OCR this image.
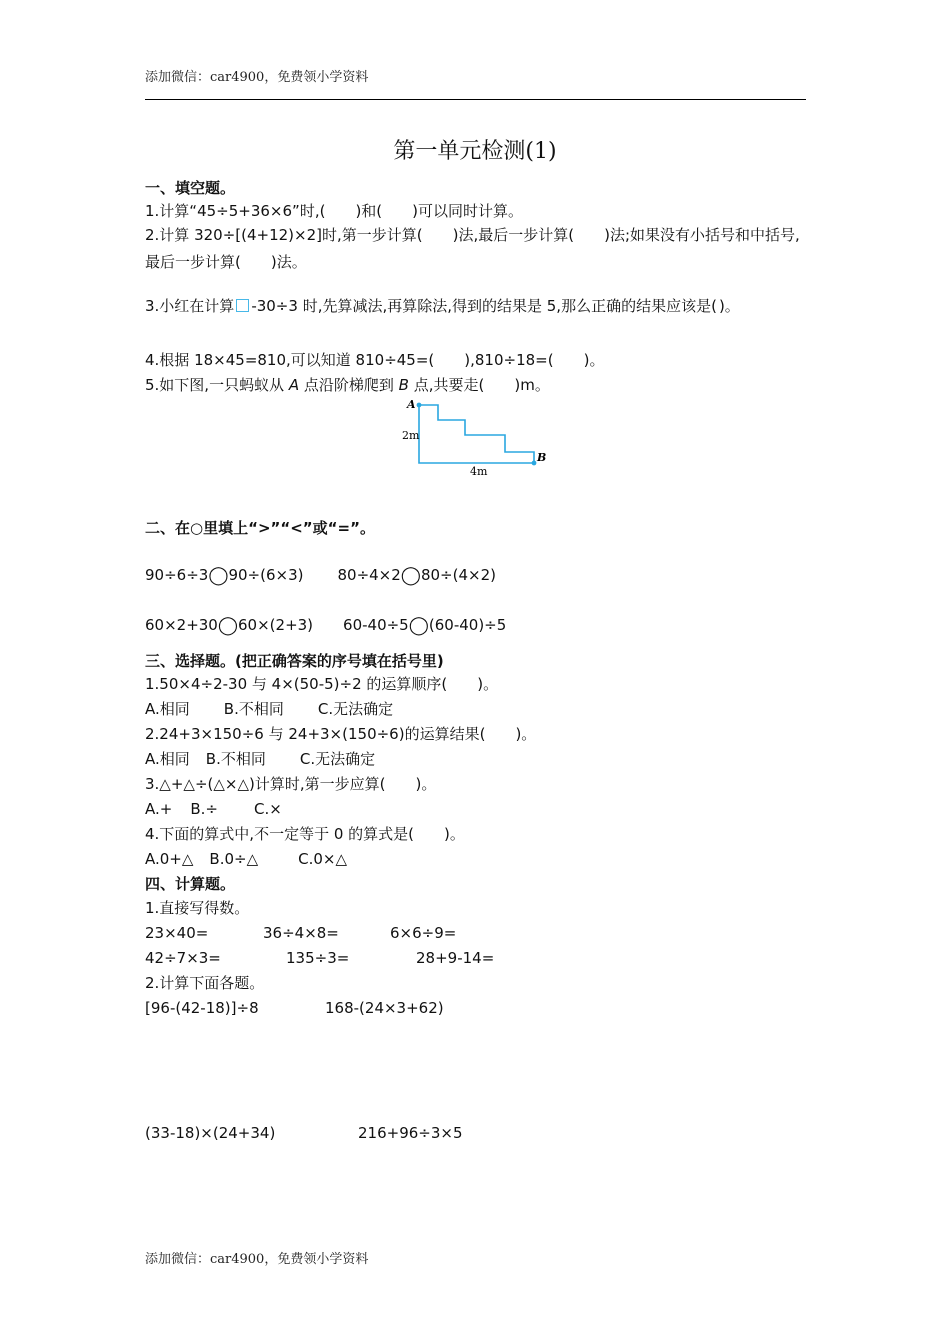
添加微信：car4900，免费领小学资料
第一单元检测(1)
一、填空题。
1.计算“45÷5+36×6”时,( )和( )可以同时计算。
2.计算 320÷[(4+12)×2]时,第一步计算( )法,最后一步计算( )法;如果没有小括号和中括号,最后一步计算( )法。
3.小红在计算 -30÷3 时,先算减法,再算除法,得到的结果是 5,那么正确的结果应该是( )。
4.根据 18×45=810,可以知道 810÷45=( ),810÷18=( )。
5.如下图,一只蚂蚁从 A 点沿阶梯爬到 B 点,共要走( )m。
A
B
2m
4m
二、在○里填上“>”“<”或“=”。
90÷6÷3◯90÷(6×3) 80÷4×2◯80÷(4×2)
60×2+30◯60×(2+3) 60-40÷5◯(60-40)÷5
三、选择题。(把正确答案的序号填在括号里)
1.50×4÷2-30 与 4×(50-5)÷2 的运算顺序( )。
A.相同 B.不相同 C.无法确定
2.24+3×150÷6 与 24+3×(150÷6)的运算结果( )。
A.相同 B.不相同 C.无法确定
3.△+△÷(△×△)计算时,第一步应算( )。
A.+ B.÷ C.×
4.下面的算式中,不一定等于 0 的算式是( )。
A.0+△ B.0÷△	C.0×△
四、计算题。
1.直接写得数。
23×40=	36÷4×8=	6×6÷9=
42÷7×3=	135÷3=	28+9-14=
2.计算下面各题。
[96-(42-18)]÷8	168-(24×3+62)
(33-18)×(24+34)	216+96÷3×5
添加微信：car4900，免费领小学资料
